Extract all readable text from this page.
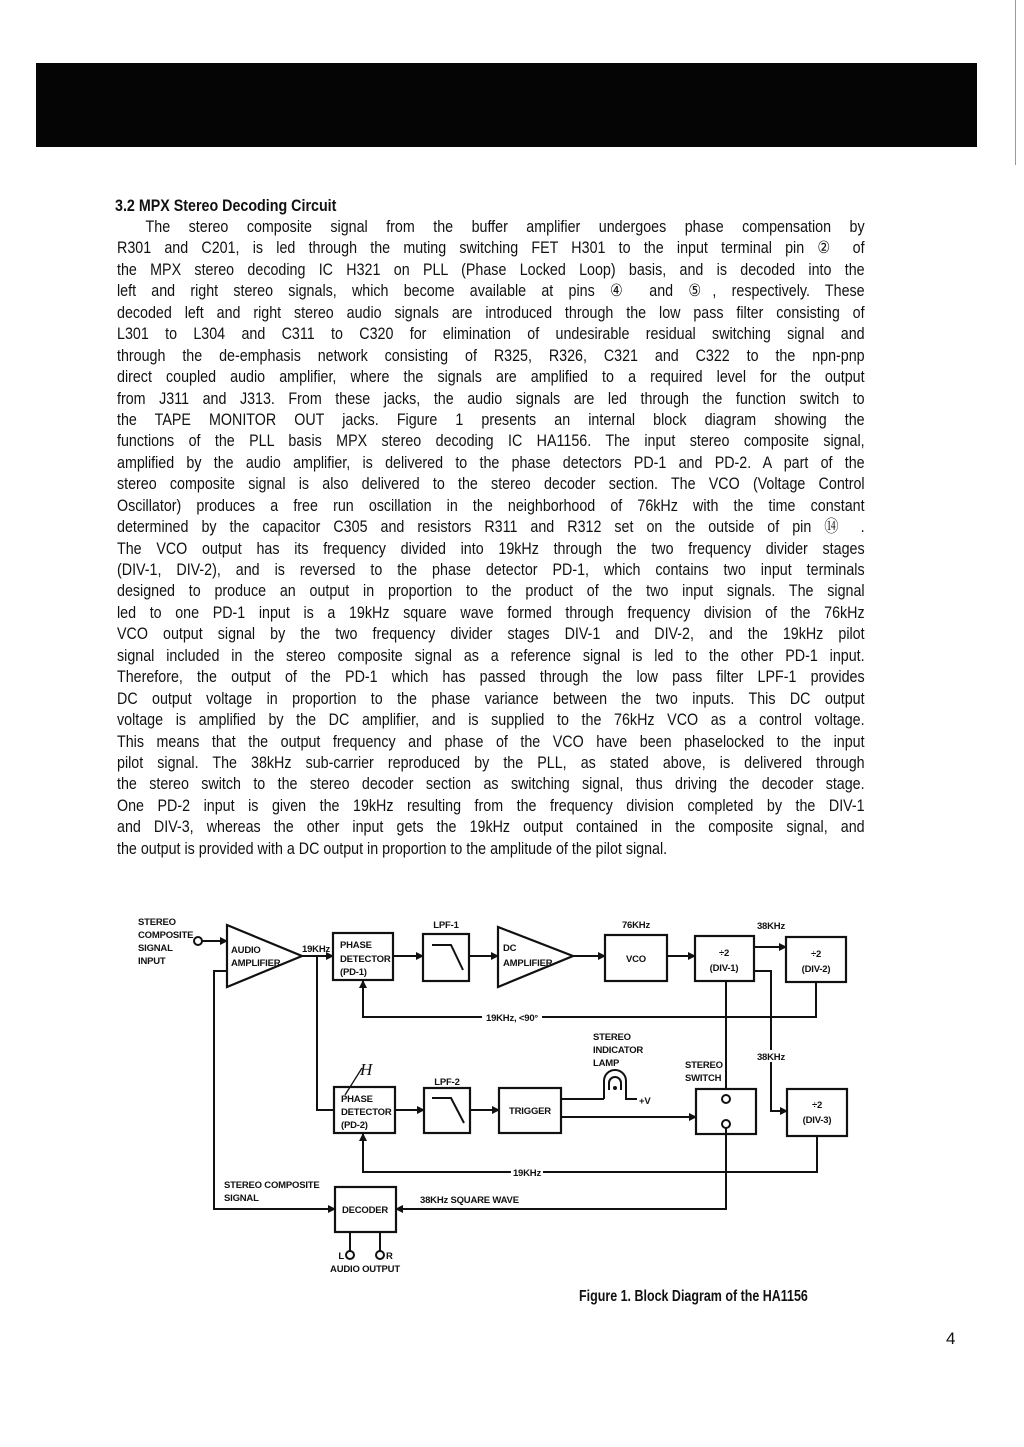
3.2 MPX Stereo Decoding Circuit
The stereo composite signal from the buffer amplifier undergoes phase compensation by
R301 and C201, is led through the muting switching FET H301 to the input terminal pin ② of
the MPX stereo decoding IC H321 on PLL (Phase Locked Loop) basis, and is decoded into the
left and right stereo signals, which become available at pins ④ and ⑤, respectively. These
decoded left and right stereo audio signals are introduced through the low pass filter consisting of
L301 to L304 and C311 to C320 for elimination of undesirable residual switching signal and
through the de-emphasis network consisting of R325, R326, C321 and C322 to the npn-pnp
direct coupled audio amplifier, where the signals are amplified to a required level for the output
from J311 and J313. From these jacks, the audio signals are led through the function switch to
the TAPE MONITOR OUT jacks. Figure 1 presents an internal block diagram showing the
functions of the PLL basis MPX stereo decoding IC HA1156. The input stereo composite signal,
amplified by the audio amplifier, is delivered to the phase detectors PD-1 and PD-2. A part of the
stereo composite signal is also delivered to the stereo decoder section. The VCO (Voltage Control
Oscillator) produces a free run oscillation in the neighborhood of 76kHz with the time constant
determined by the capacitor C305 and resistors R311 and R312 set on the outside of pin ⑭ .
The VCO output has its frequency divided into 19kHz through the two frequency divider stages
(DIV-1, DIV-2), and is reversed to the phase detector PD-1, which contains two input terminals
designed to produce an output in proportion to the product of the two input signals. The signal
led to one PD-1 input is a 19kHz square wave formed through frequency division of the 76kHz
VCO output signal by the two frequency divider stages DIV-1 and DIV-2, and the 19kHz pilot
signal included in the stereo composite signal as a reference signal is led to the other PD-1 input.
Therefore, the output of the PD-1 which has passed through the low pass filter LPF-1 provides
DC output voltage in proportion to the phase variance between the two inputs. This DC output
voltage is amplified by the DC amplifier, and is supplied to the 76kHz VCO as a control voltage.
This means that the output frequency and phase of the VCO have been phaselocked to the input
pilot signal. The 38kHz sub-carrier reproduced by the PLL, as stated above, is delivered through
the stereo switch to the stereo decoder section as switching signal, thus driving the decoder stage.
One PD-2 input is given the 19kHz resulting from the frequency division completed by the DIV-1
and DIV-3, whereas the other input gets the 19kHz output contained in the composite signal, and
the output is provided with a DC output in proportion to the amplitude of the pilot signal.
STEREO
COMPOSITE
SIGNAL
INPUT
AUDIO
AMPLIFIER
19KHz PHASE
DETECTOR
(PD-1)
LPF-1
DC
AMPLIFIER
76KHz
VCO
÷2
(DIV-1)
38KHz
÷2
(DIV-2)
19KHz, <90°
38KHz
÷2
(DIV-3)
19KHz
PHASE
DETECTOR
(PD-2)
H
LPF-2
TRIGGER
STEREO
INDICATOR
LAMP
+V
STEREO
SWITCH
38KHz SQUARE WAVE
STEREO COMPOSITE
SIGNAL
DECODER
L	R
AUDIO OUTPUT
Figure 1. Block Diagram of the HA1156
4
